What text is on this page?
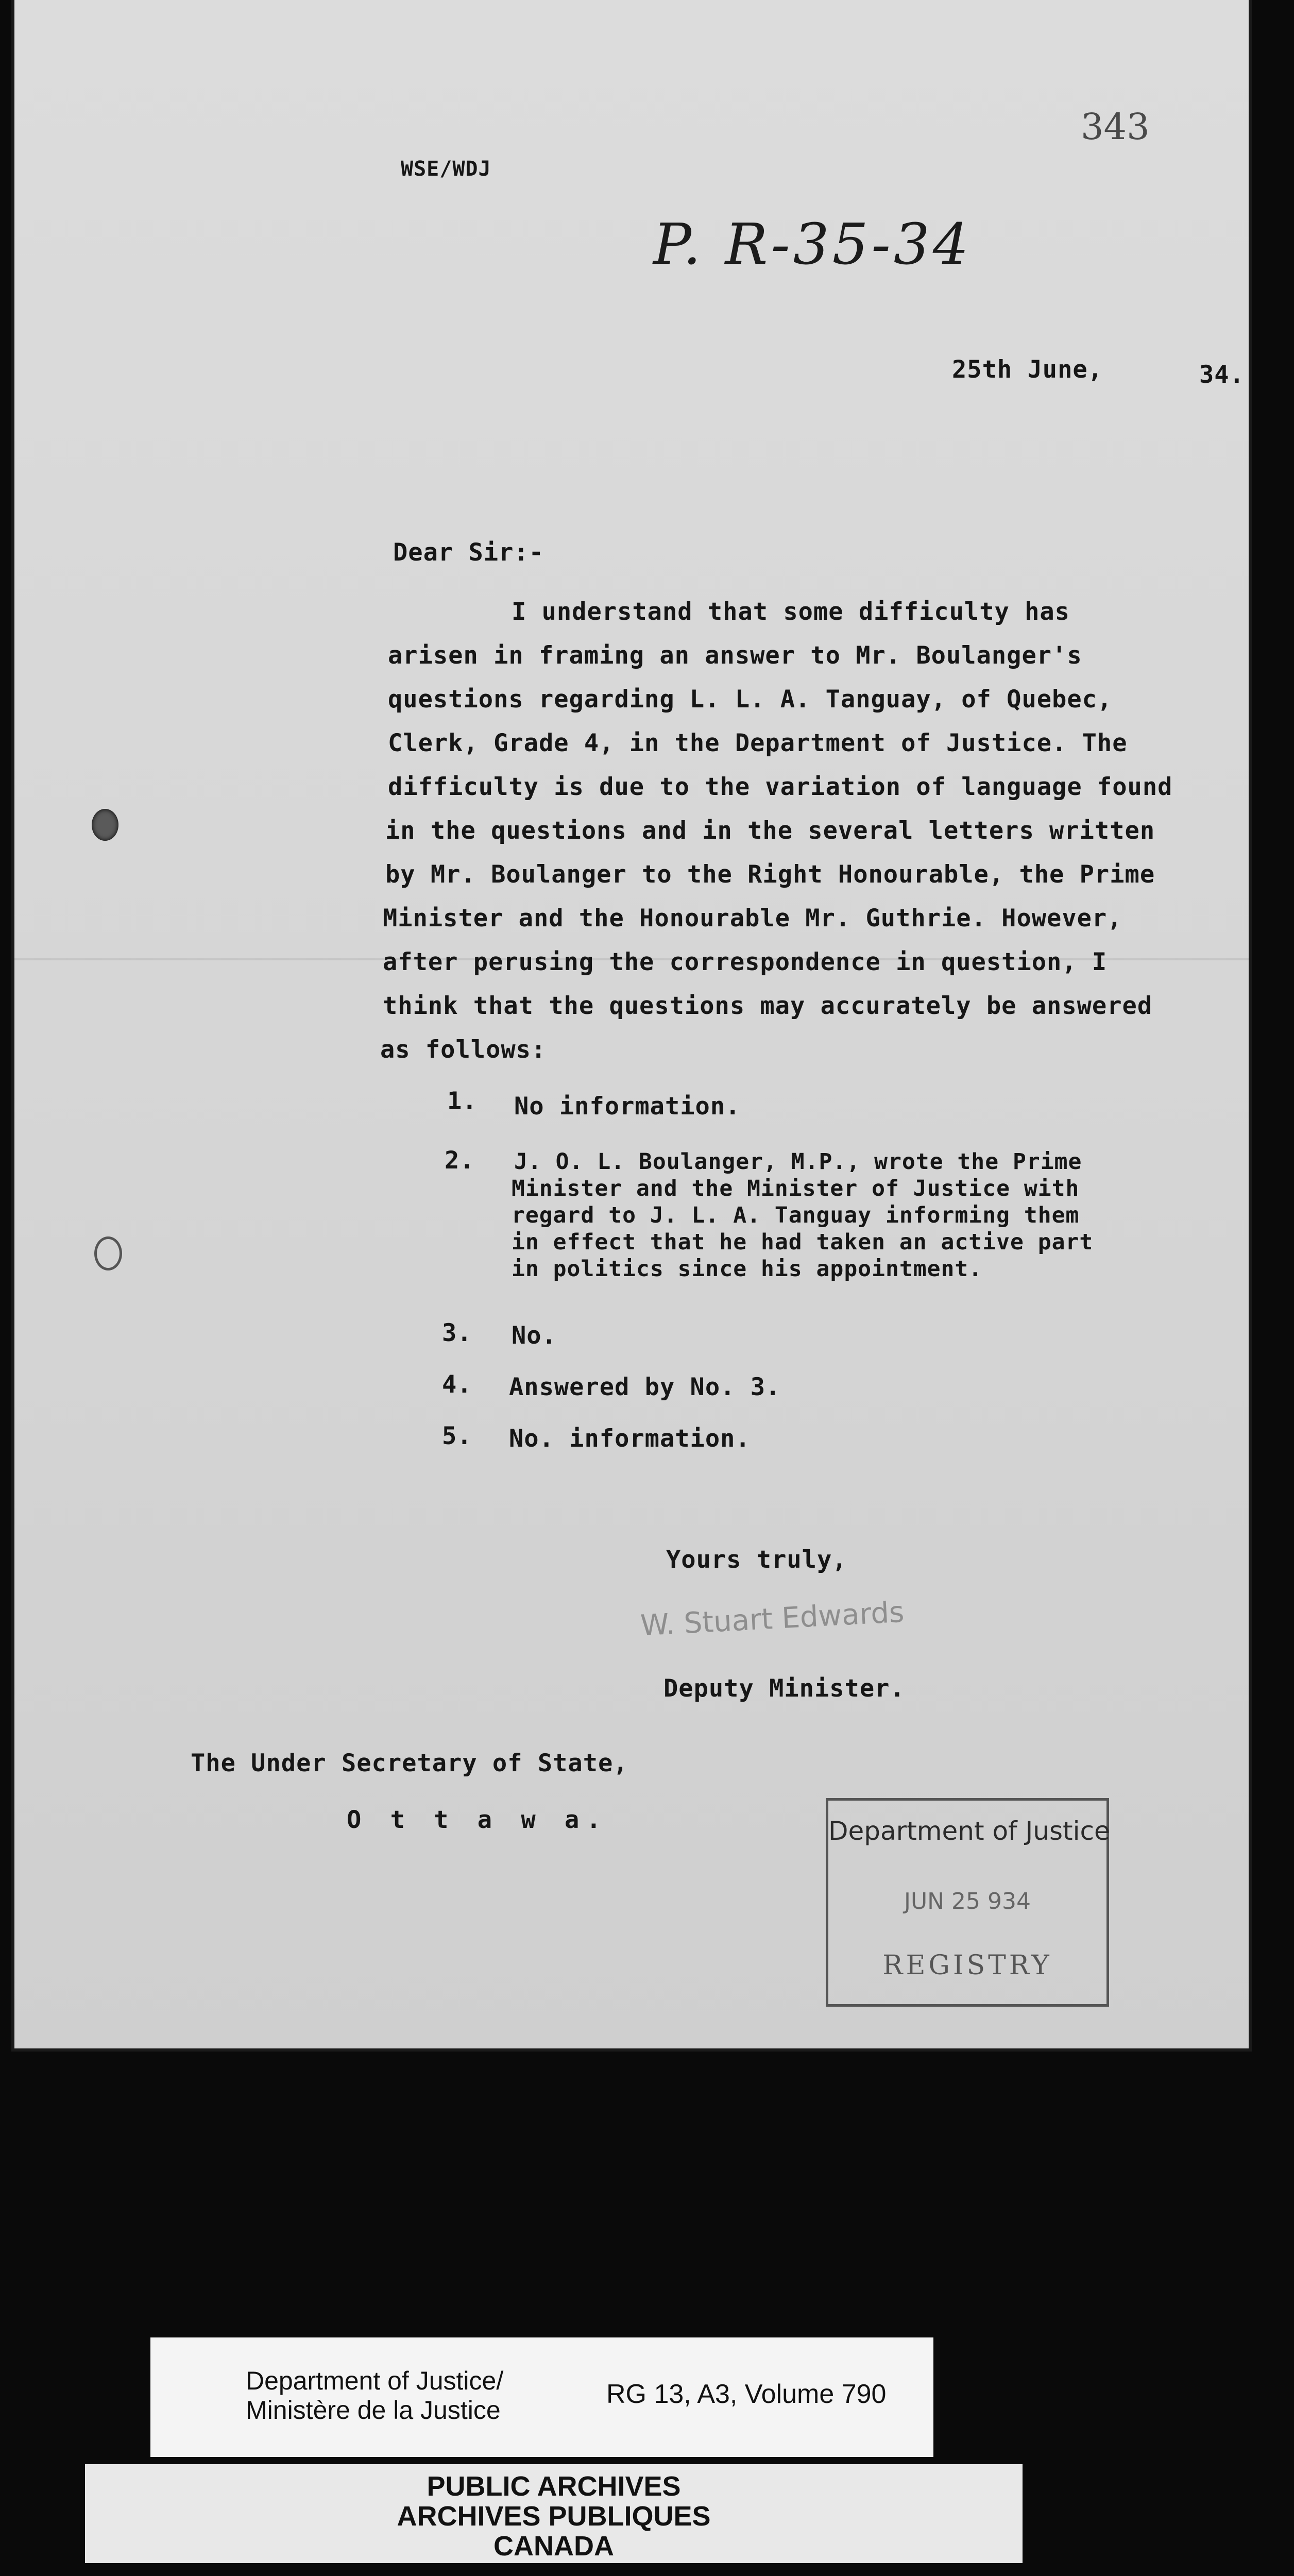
343
P. R-35-34
WSE/WDJ
25th June,	34.
Dear Sir:-
I understand that some difficulty has
arisen in framing an answer to Mr. Boulanger's
questions regarding L. L. A. Tanguay, of Quebec,
Clerk, Grade 4, in the Department of Justice. The
difficulty is due to the variation of language found
in the questions and in the several letters written
by Mr. Boulanger to the Right Honourable, the Prime
Minister and the Honourable Mr. Guthrie. However,
after perusing the correspondence in question, I
think that the questions may accurately be answered
as follows:
1. No information.
2. J. O. L. Boulanger, M.P., wrote the Prime
Minister and the Minister of Justice with
regard to J. L. A. Tanguay informing them
in effect that he had taken an active part
in politics since his appointment.
3. No.
4. Answered by No. 3.
5. No. information.
Yours truly,
W. Stuart Edwards
Deputy Minister.
The Under Secretary of State,
O t t a w a.	Department of Justice
JUN 25 934
REGISTRY
Department of Justice/
Ministère de la Justice
RG 13, A3, Volume 790
PUBLIC ARCHIVES
ARCHIVES PUBLIQUES
CANADA
